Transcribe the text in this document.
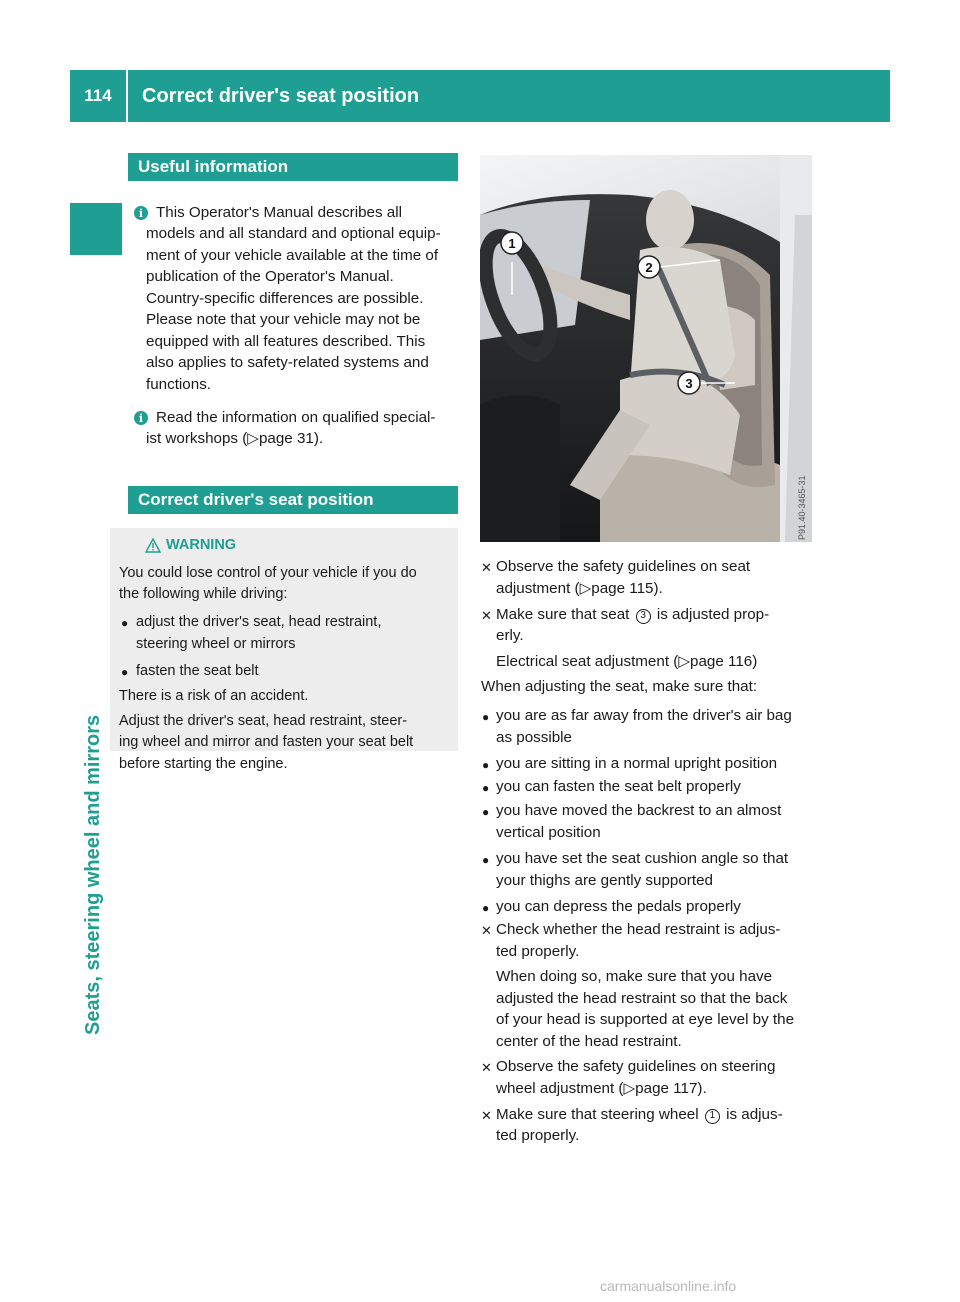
114	Correct driver's seat position
Seats, steering wheel and mirrors
Useful information
i This Operator's Manual describes all
models and all standard and optional equip-
ment of your vehicle available at the time of
publication of the Operator's Manual.
Country-specific differences are possible.
Please note that your vehicle may not be
equipped with all features described. This
also applies to safety-related systems and
functions.
i Read the information on qualified special-
ist workshops (▷page 31).
Correct driver's seat position
WARNING
You could lose control of your vehicle if you do
the following while driving:
● adjust the driver's seat, head restraint,
steering wheel or mirrors
● fasten the seat belt
There is a risk of an accident.
Adjust the driver's seat, head restraint, steer-
ing wheel and mirror and fasten your seat belt
before starting the engine.
1
2
3
P91.40-3465-31
✕ Observe the safety guidelines on seat
adjustment (▷page 115).
✕ Make sure that seat 3 is adjusted prop-
erly.
Electrical seat adjustment (▷page 116)
When adjusting the seat, make sure that:
● you are as far away from the driver's air bag
as possible
● you are sitting in a normal upright position
● you can fasten the seat belt properly
● you have moved the backrest to an almost
vertical position
● you have set the seat cushion angle so that
your thighs are gently supported
● you can depress the pedals properly
✕ Check whether the head restraint is adjus-
ted properly.
When doing so, make sure that you have
adjusted the head restraint so that the back
of your head is supported at eye level by the
center of the head restraint.
✕ Observe the safety guidelines on steering
wheel adjustment (▷page 117).
✕ Make sure that steering wheel 1 is adjus-
ted properly.
carmanualsonline.info
